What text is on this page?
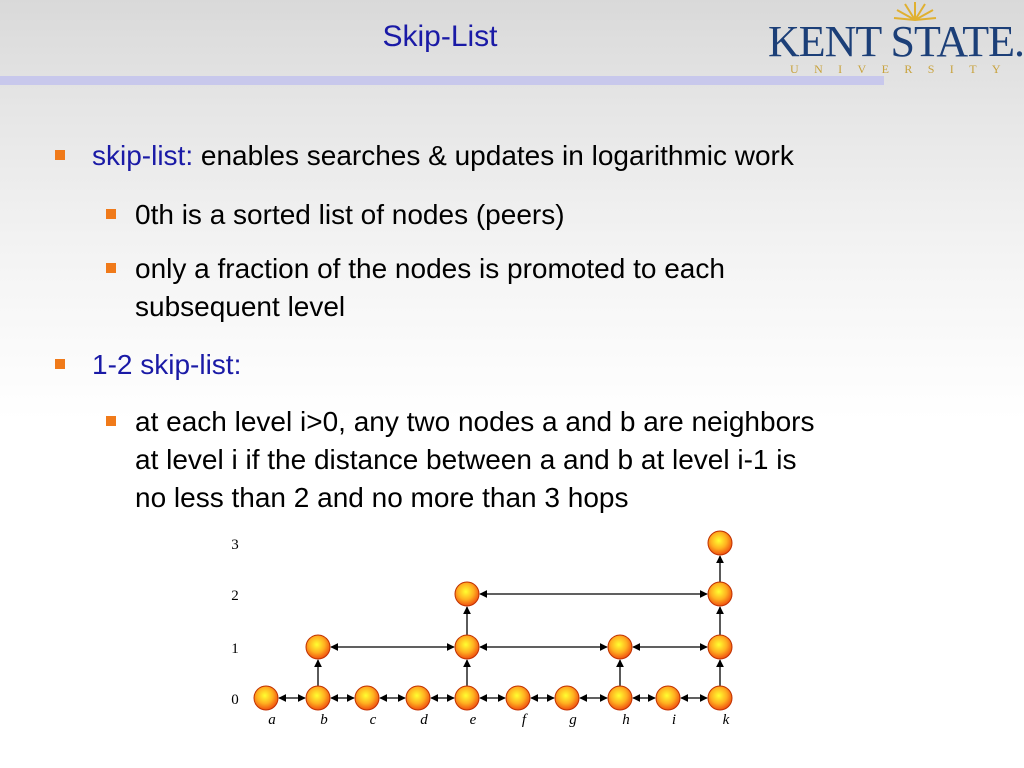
Skip-List	KENT STATE.
UNIVERSITY
skip-list: enables searches & updates in logarithmic work
0th is a sorted list of nodes (peers)
only a fraction of the nodes is promoted to each
subsequent level
1-2 skip-list:
at each level i>0, any two nodes a and b are neighbors
at level i if the distance between a and b at level i-1 is
no less than 2 and no more than 3 hops
0
1
2
3
a	b	c	d	e	f	g	h	i	k
